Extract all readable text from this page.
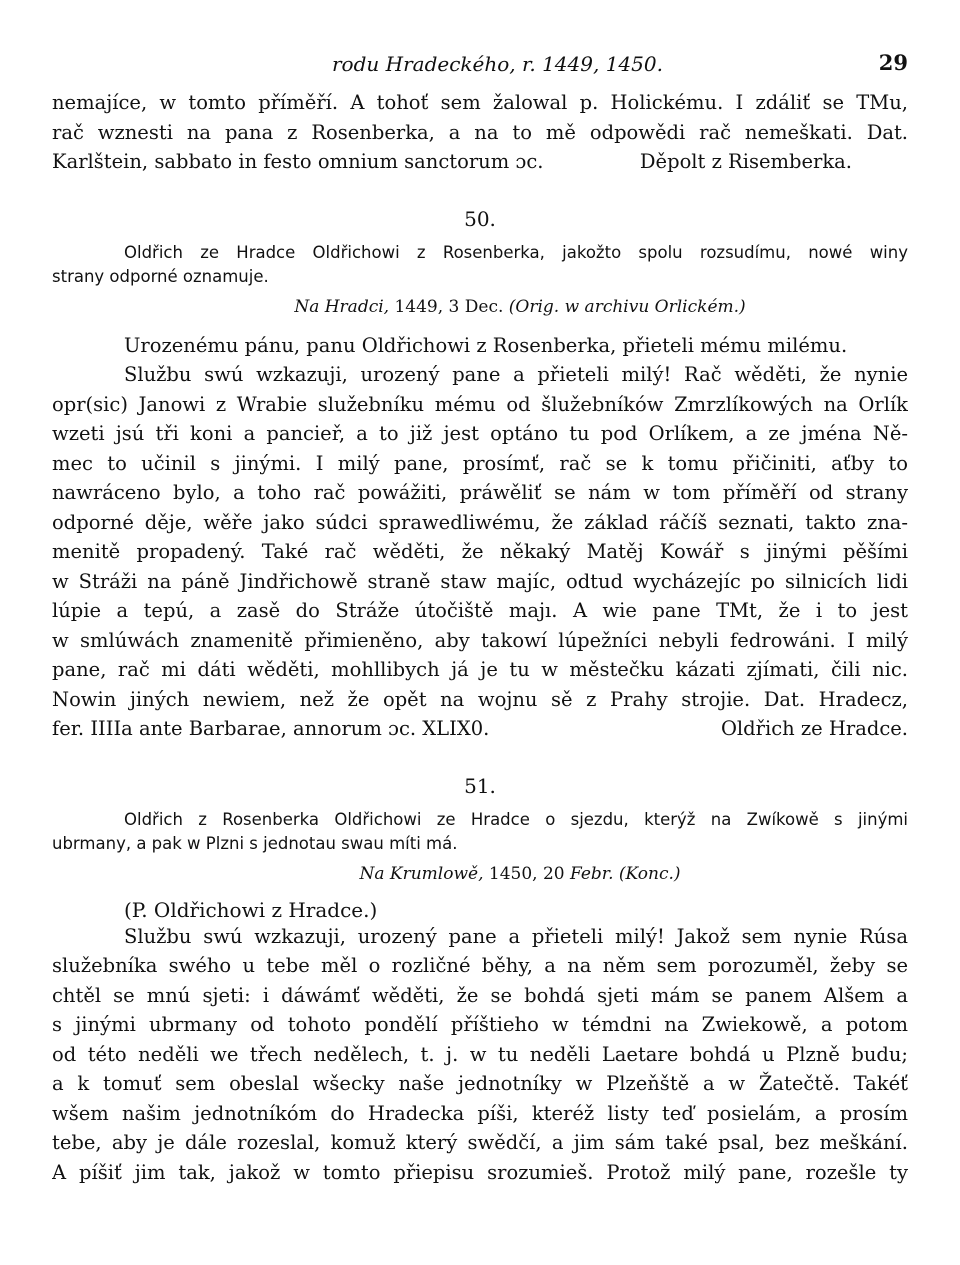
rodu Hradeckého, r. 1449, 1450.	29
nemajíce, w tomto příměří. A tohoť sem žalowal p. Holickému. I zdáliť se TMu,
rač wznesti na pana z Rosenberka, a na to mě odpowědi rač nemeškati. Dat.
Karlštein, sabbato in festo omnium sanctorum ɔc.	Děpolt z Risemberka.
50.
Oldřich ze Hradce Oldřichowi z Rosenberka, jakožto spolu rozsudímu, nowé winy
strany odporné oznamuje.
Na Hradci, 1449, 3 Dec. (Orig. w archivu Orlickém.)
Urozenému pánu, panu Oldřichowi z Rosenberka, přieteli mému milému.
Službu swú wzkazuji, urozený pane a přieteli milý! Rač wěděti, že nynie
opr(sic) Janowi z Wrabie služebníku mému od šlužebníków Zmrzlíkowých na Orlík
wzeti jsú tři koni a pancieř, a to již jest optáno tu pod Orlíkem, a ze jména Ně-
mec to učinil s jinými. I milý pane, prosímť, rač se k tomu přičiniti, aťby to
nawráceno bylo, a toho rač powážiti, práwěliť se nám w tom příměří od strany
odporné děje, wěře jako súdci sprawedliwému, že základ ráčíš seznati, takto zna-
menitě propadený. Také rač wěděti, že někaký Matěj Kowář s jinými pěšími
w Stráži na páně Jindřichowě straně staw majíc, odtud wycházejíc po silnicích lidi
lúpie a tepú, a zasě do Stráže útočiště majı. A wie pane TMt, že i to jest
w smlúwách znamenitě přimieněno, aby takowí lúpežníci nebyli fedrowáni. I milý
pane, rač mi dáti wěděti, mohllibych já je tu w městečku kázati zjímati, čili nic.
Nowin jiných newiem, než že opět na wojnu sě z Prahy strojie. Dat. Hradecz,
fer. IIIIa ante Barbarae, annorum ɔc. XLIX0.	Oldřich ze Hradce.
51.
Oldřich z Rosenberka Oldřichowi ze Hradce o sjezdu, kterýž na Zwíkowě s jinými
ubrmany, a pak w Plzni s jednotau swau míti má.
Na Krumlowě, 1450, 20 Febr. (Konc.)
(P. Oldřichowi z Hradce.)
Službu swú wzkazuji, urozený pane a přieteli milý! Jakož sem nynie Rúsa
služebníka swého u tebe měl o rozličné běhy, a na něm sem porozuměl, žeby se
chtěl se mnú sjeti: i dáwámť wěděti, že se bohdá sjeti mám se panem Alšem a
s jinými ubrmany od tohoto pondělí příštieho w témdni na Zwiekowě, a potom
od této neděli we třech nedělech, t. j. w tu neděli Laetare bohdá u Plzně budu;
a k tomuť sem obeslal wšecky naše jednotníky w Plzeňště a w Žatečtě. Takéť
wšem našim jednotníkóm do Hradecka píši, kteréž listy teď posielám, a prosím
tebe, aby je dále rozeslal, komuž který swědčí, a jim sám také psal, bez meškání.
A píšiť jim tak, jakož w tomto přiepisu srozumieš. Protož milý pane, rozešle ty
